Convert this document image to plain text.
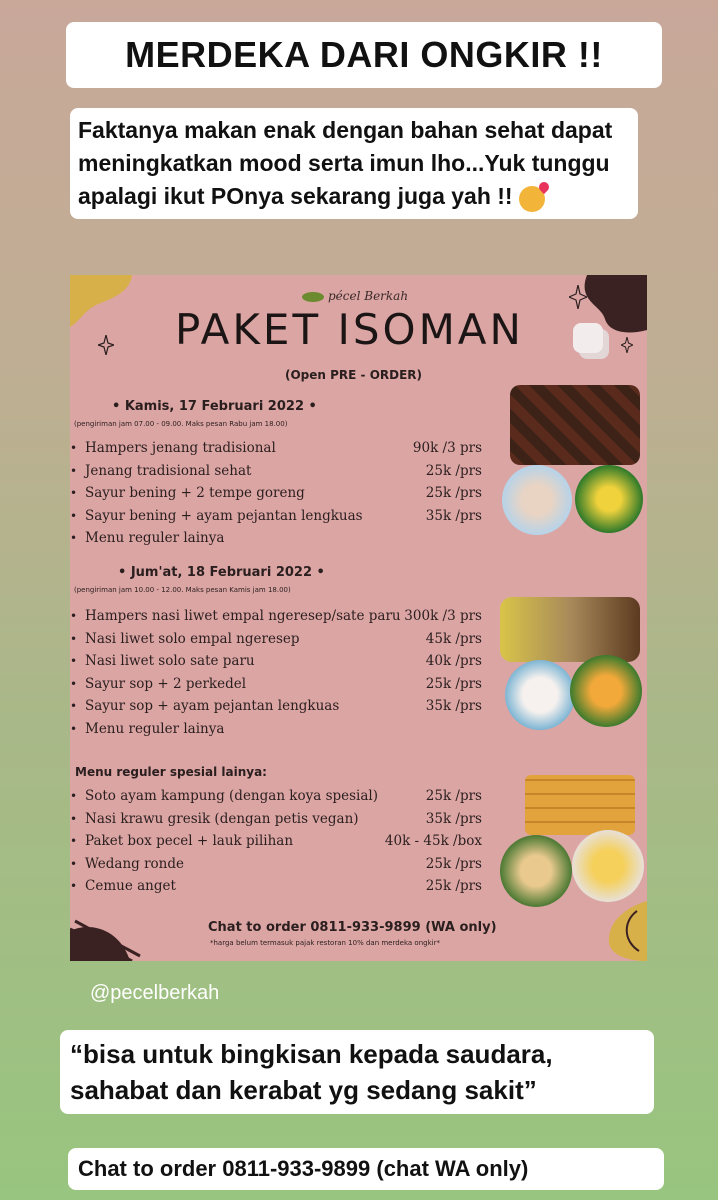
MERDEKA DARI ONGKIR !!
Faktanya makan enak dengan bahan sehat dapat meningkatkan mood serta imun lho...Yuk tunggu apalagi ikut POnya sekarang juga yah !!
pécel Berkah
PAKET ISOMAN
(Open PRE - ORDER)
• Kamis, 17 Februari 2022 •
(pengiriman jam 07.00 - 09.00. Maks pesan Rabu jam 18.00)
• Hampers jenang tradisional	90k /3 prs
• Jenang tradisional sehat	25k /prs
• Sayur bening + 2 tempe goreng	25k /prs
• Sayur bening + ayam pejantan lengkuas	35k /prs
• Menu reguler lainya
• Jum'at, 18 Februari 2022 •
(pengiriman jam 10.00 - 12.00. Maks pesan Kamis jam 18.00)
• Hampers nasi liwet empal ngeresep/sate paru 300k /3 prs
• Nasi liwet solo empal ngeresep	45k /prs
• Nasi liwet solo sate paru	40k /prs
• Sayur sop + 2 perkedel	25k /prs
• Sayur sop + ayam pejantan lengkuas	35k /prs
• Menu reguler lainya
Menu reguler spesial lainya:
• Soto ayam kampung (dengan koya spesial)	25k /prs
• Nasi krawu gresik (dengan petis vegan)	35k /prs
• Paket box pecel + lauk pilihan	40k - 45k /box
• Wedang ronde	25k /prs
• Cemue anget	25k /prs
Chat to order 0811-933-9899 (WA only)
*harga belum termasuk pajak restoran 10% dan merdeka ongkir*
@pecelberkah
“bisa untuk bingkisan kepada saudara, sahabat dan kerabat yg sedang sakit”
Chat to order 0811-933-9899 (chat WA only)
